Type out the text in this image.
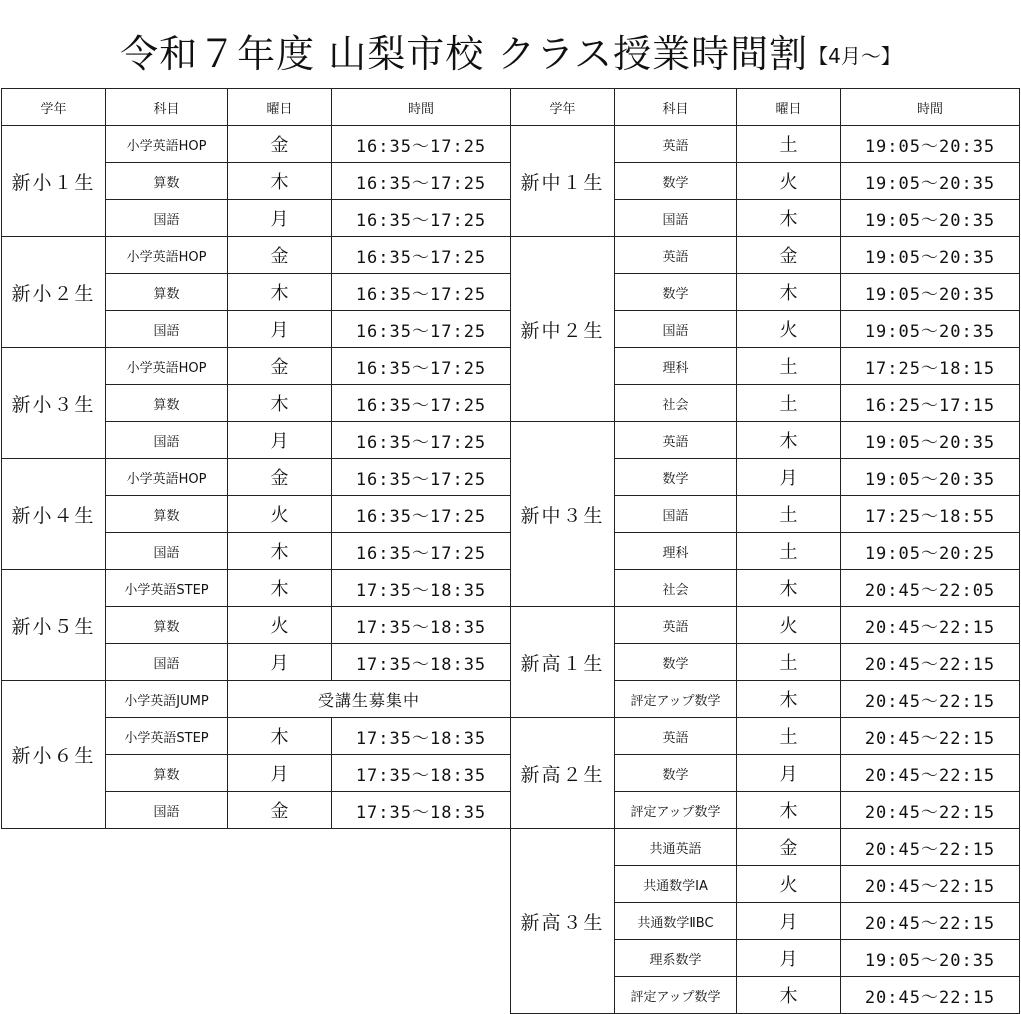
令和７年度 山梨市校 クラス授業時間割$^{【4月〜】}$
学年	科目	曜日	時間
新小１生	小学英語HOP	金	16:35〜17:25
	算数	木	16:35〜17:25
	国語	月	16:35〜17:25
新小２生	小学英語HOP	金	16:35〜17:25
	算数	木	16:35〜17:25
	国語	月	16:35〜17:25
新小３生	小学英語HOP	金	16:35〜17:25
	算数	木	16:35〜17:25
	国語	月	16:35〜17:25
新小４生	小学英語HOP	金	16:35〜17:25
	算数	火	16:35〜17:25
	国語	木	16:35〜17:25
新小５生	小学英語STEP	木	17:35〜18:35
	算数	火	17:35〜18:35
	国語	月	17:35〜18:35
新小６生	小学英語JUMP	受講生募集中	
	小学英語STEP	木	17:35〜18:35
	算数	月	17:35〜18:35
	国語	金	17:35〜18:35
学年	科目	曜日	時間
新中１生	英語	土	19:05〜20:35
	数学	火	19:05〜20:35
	国語	木	19:05〜20:35
新中２生	英語	金	19:05〜20:35
	数学	木	19:05〜20:35
	国語	火	19:05〜20:35
	理科	土	17:25〜18:15
	社会	土	16:25〜17:15
新中３生	英語	木	19:05〜20:35
	数学	月	19:05〜20:35
	国語	土	17:25〜18:55
	理科	土	19:05〜20:25
	社会	木	20:45〜22:05
新高１生	英語	火	20:45〜22:15
	数学	土	20:45〜22:15
	評定アップ数学	木	20:45〜22:15
新高２生	英語	土	20:45〜22:15
	数学	月	20:45〜22:15
	評定アップ数学	木	20:45〜22:15
新高３生	共通英語	金	20:45〜22:15
	共通数学ⅠA	火	20:45〜22:15
	共通数学ⅡBC	月	20:45〜22:15
	理系数学	月	19:05〜20:35
	評定アップ数学	木	20:45〜22:15
